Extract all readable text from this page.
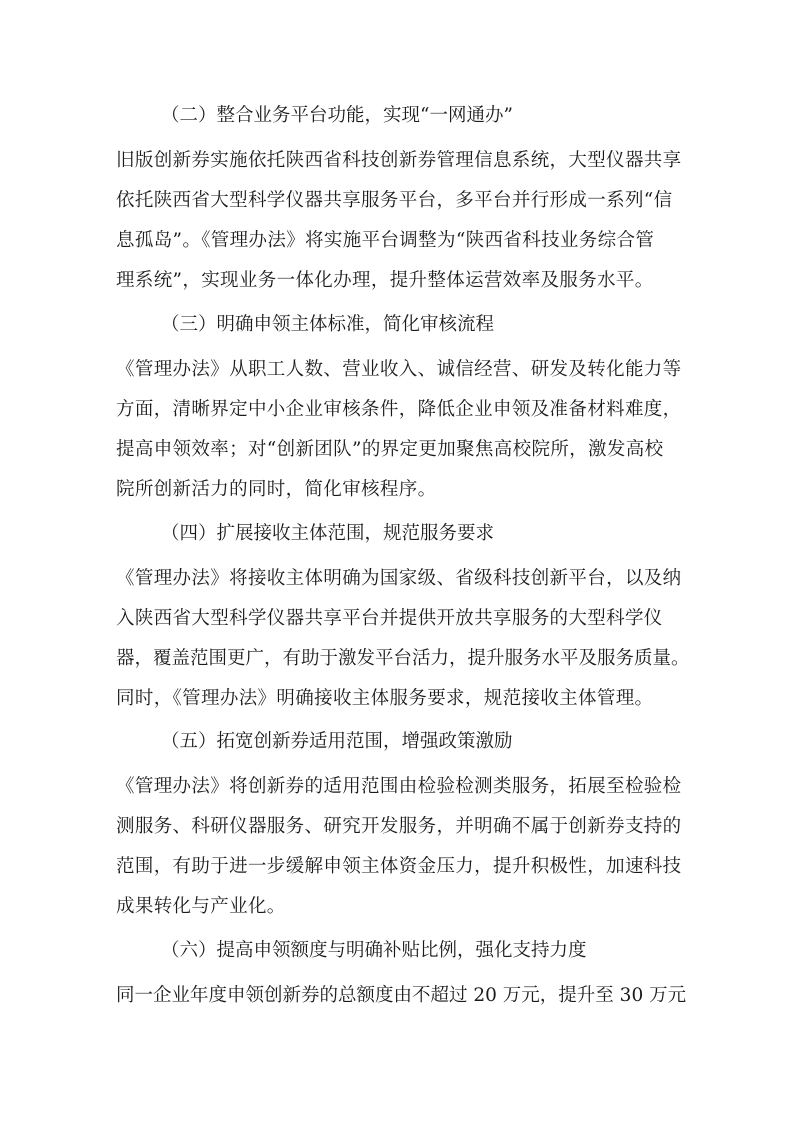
（二）整合业务平台功能，实现“一网通办”
旧版创新券实施依托陕西省科技创新券管理信息系统，大型仪器共享
依托陕西省大型科学仪器共享服务平台，多平台并行形成一系列“信
息孤岛”。《管理办法》将实施平台调整为“陕西省科技业务综合管
理系统”，实现业务一体化办理，提升整体运营效率及服务水平。
（三）明确申领主体标准，简化审核流程
《管理办法》从职工人数、营业收入、诚信经营、研发及转化能力等
方面，清晰界定中小企业审核条件，降低企业申领及准备材料难度，
提高申领效率；对“创新团队”的界定更加聚焦高校院所，激发高校
院所创新活力的同时，简化审核程序。
（四）扩展接收主体范围，规范服务要求
《管理办法》将接收主体明确为国家级、省级科技创新平台，以及纳
入陕西省大型科学仪器共享平台并提供开放共享服务的大型科学仪
器，覆盖范围更广，有助于激发平台活力，提升服务水平及服务质量。
同时，《管理办法》明确接收主体服务要求，规范接收主体管理。
（五）拓宽创新券适用范围，增强政策激励
《管理办法》将创新券的适用范围由检验检测类服务，拓展至检验检
测服务、科研仪器服务、研究开发服务，并明确不属于创新券支持的
范围，有助于进一步缓解申领主体资金压力，提升积极性，加速科技
成果转化与产业化。
（六）提高申领额度与明确补贴比例，强化支持力度
同一企业年度申领创新券的总额度由不超过 20 万元，提升至 30 万元
